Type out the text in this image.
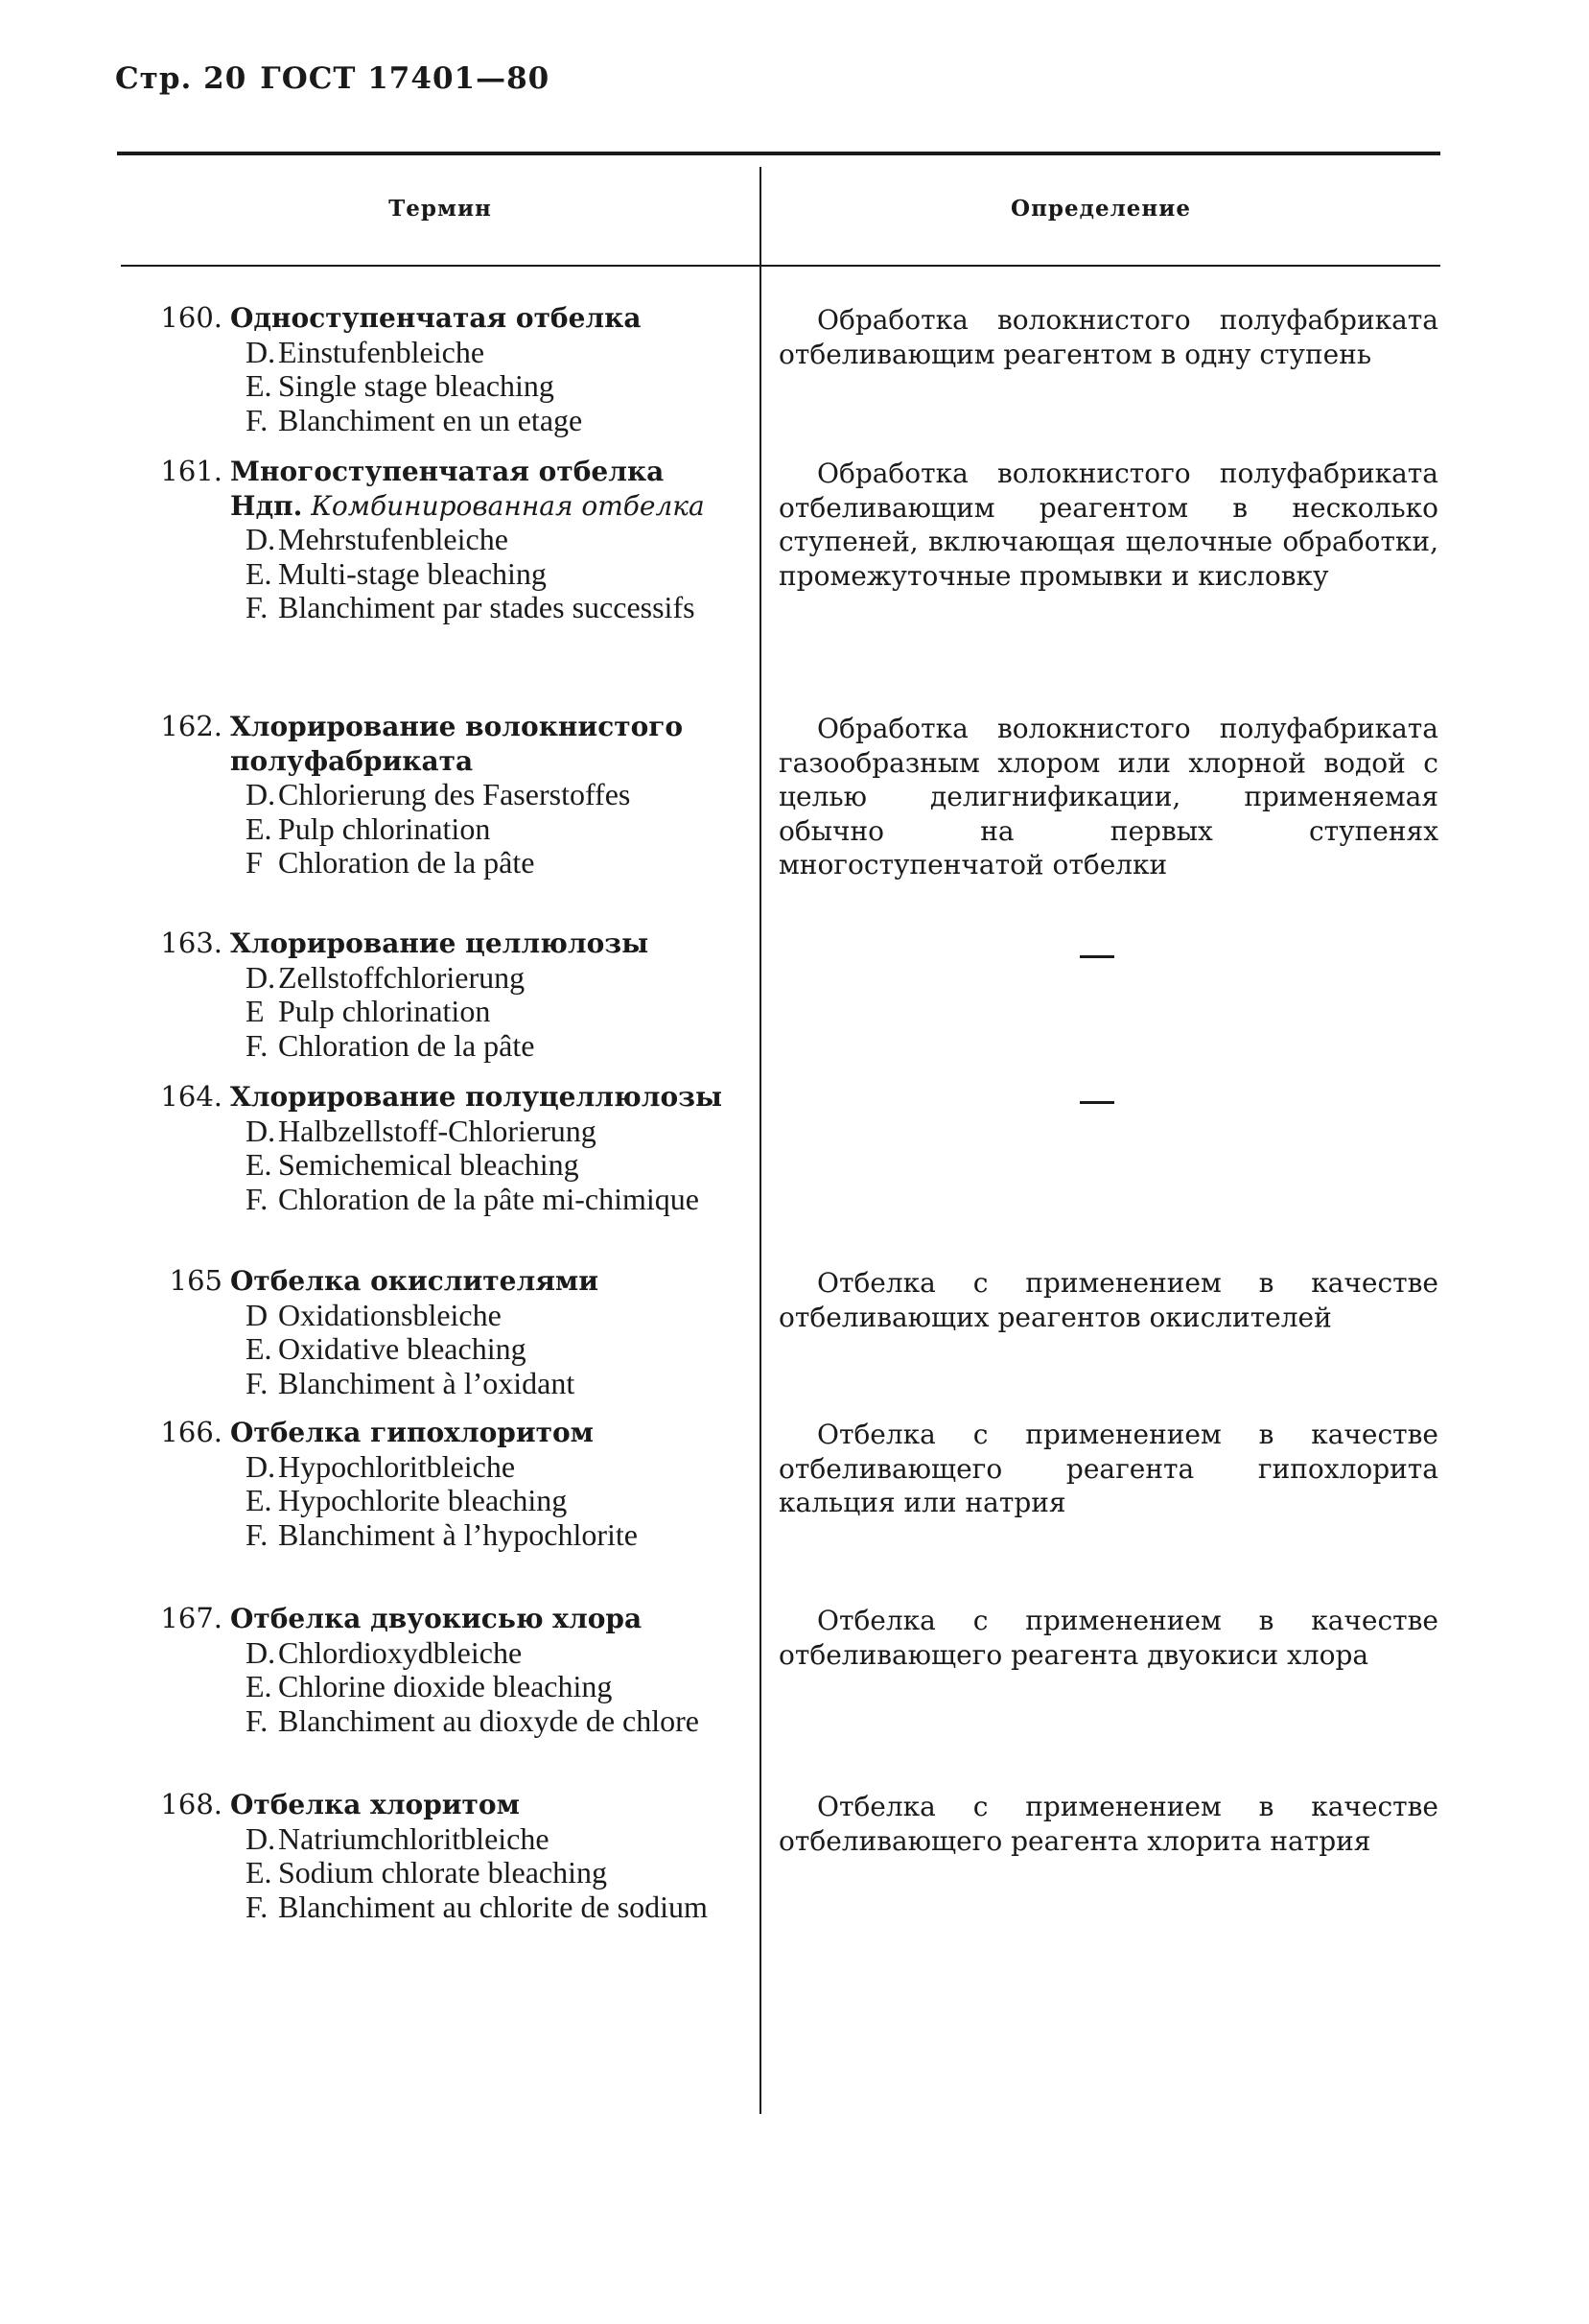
Стр. 20 ГОСТ 17401—80
Термин	Определение
160. Одноступенчатая отбелка
D.Einstufenbleiche
E. Single stage bleaching
F. Blanchiment en un etage
Обработка волокнистого полуфабриката отбеливающим реагентом в одну ступень
161. Многоступенчатая отбелка
Ндп. Комбинированная отбелка
D.Mehrstufenbleiche
E. Multi-stage bleaching
F. Blanchiment par stades successifs
Обработка волокнистого полуфабриката отбеливающим реагентом в несколько ступеней, включающая щелочные обработки, промежуточные промывки и кисловку
162. Хлорирование волокнистого полуфабриката
D.Chlorierung des Faserstoffes
E. Pulp chlorination
F Chloration de la pâte
Обработка волокнистого полуфабриката газообразным хлором или хлорной водой с целью делигнификации, применяемая обычно на первых ступенях многоступенчатой отбелки
163. Хлорирование целлюлозы
D.Zellstoffchlorierung
E Pulp chlorination
F. Chloration de la pâte
164. Хлорирование полуцеллюлозы
D.Halbzellstoff-Chlorierung
E. Semichemical bleaching
F. Chloration de la pâte mi-chimique
165 Отбелка окислителями
D Oxidationsbleiche
E. Oxidative bleaching
F. Blanchiment à l’oxidant
Отбелка с применением в качестве отбеливающих реагентов окислителей
166. Отбелка гипохлоритом
D.Hypochloritbleiche
E. Hypochlorite bleaching
F. Blanchiment à l’hypochlorite
Отбелка с применением в качестве отбеливающего реагента гипохлорита кальция или натрия
167. Отбелка двуокисью хлора
D.Chlordioxydbleiche
E. Chlorine dioxide bleaching
F. Blanchiment au dioxyde de chlore
Отбелка с применением в качестве отбеливающего реагента двуокиси хлора
168. Отбелка хлоритом
D.Natriumchloritbleiche
E. Sodium chlorate bleaching
F. Blanchiment au chlorite de sodium
Отбелка с применением в качестве отбеливающего реагента хлорита натрия
